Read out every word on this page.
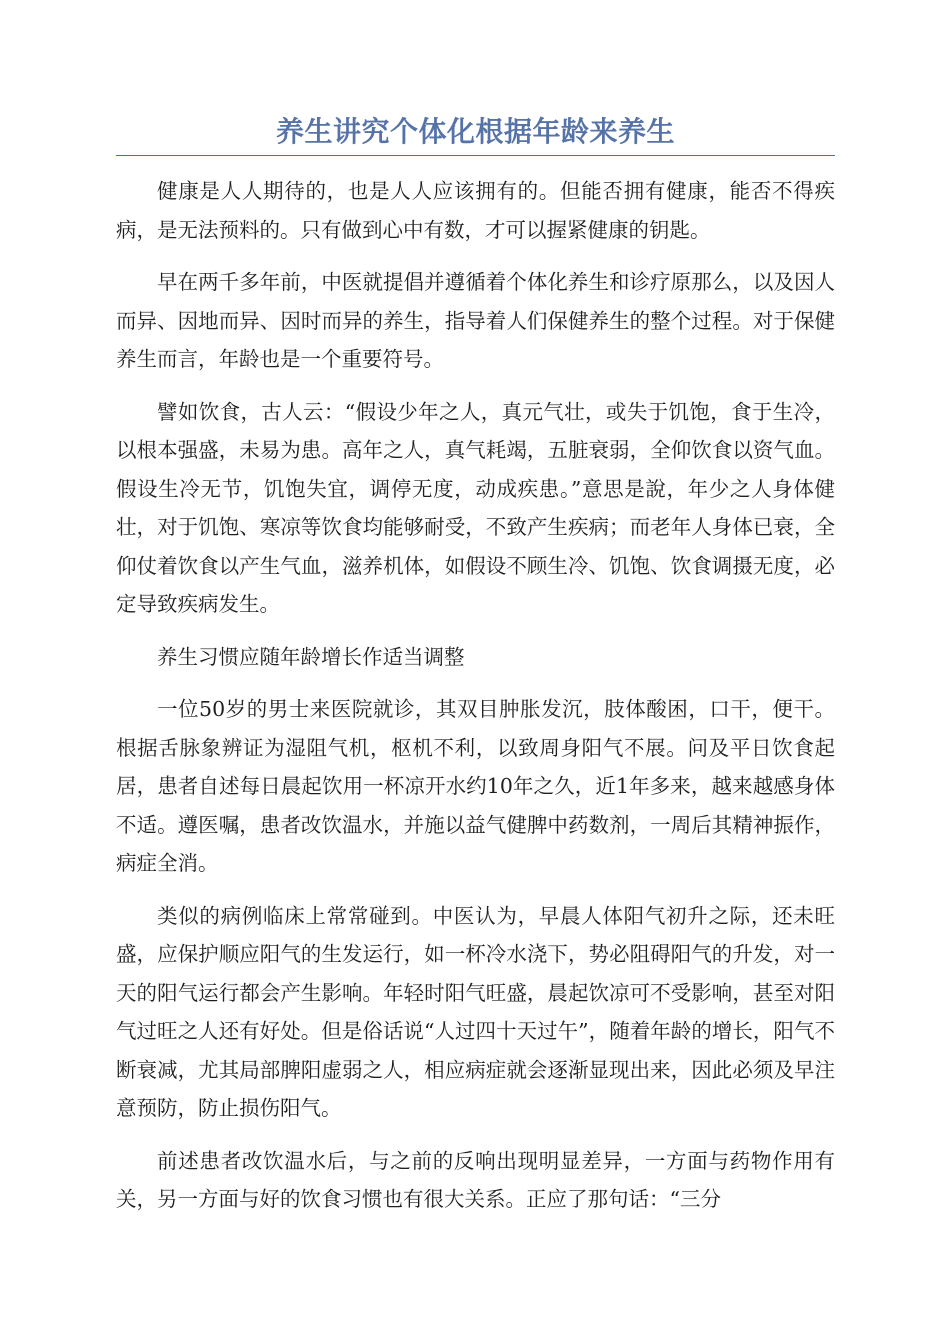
养生讲究个体化根据年龄来养生

健康是人人期待的，也是人人应该拥有的。但能否拥有健康，能否不得疾病，是无法预料的。只有做到心中有数，才可以握紧健康的钥匙。

早在两千多年前，中医就提倡并遵循着个体化养生和诊疗原那么，以及因人而异、因地而异、因时而异的养生，指导着人们保健养生的整个过程。对于保健养生而言，年龄也是一个重要符号。

譬如饮食，古人云：“假设少年之人，真元气壮，或失于饥饱，食于生冷，以根本强盛，未易为患。高年之人，真气耗竭，五脏衰弱，全仰饮食以资气血。假设生冷无节，饥饱失宜，调停无度，动成疾患。”意思是說，年少之人身体健壮，对于饥饱、寒凉等饮食均能够耐受，不致产生疾病；而老年人身体已衰，全仰仗着饮食以产生气血，滋养机体，如假设不顾生冷、饥饱、饮食调摄无度，必定导致疾病发生。

养生习惯应随年龄增长作适当调整

一位50岁的男士来医院就诊，其双目肿胀发沉，肢体酸困，口干，便干。根据舌脉象辨证为湿阻气机，枢机不利，以致周身阳气不展。问及平日饮食起居，患者自述每日晨起饮用一杯凉开水约10年之久，近1年多来，越来越感身体不适。遵医嘱，患者改饮温水，并施以益气健脾中药数剂，一周后其精神振作，病症全消。

类似的病例临床上常常碰到。中医认为，早晨人体阳气初升之际，还未旺盛，应保护顺应阳气的生发运行，如一杯冷水浇下，势必阻碍阳气的升发，对一天的阳气运行都会产生影响。年轻时阳气旺盛，晨起饮凉可不受影响，甚至对阳气过旺之人还有好处。但是俗话说“人过四十天过午”，随着年龄的增长，阳气不断衰减，尤其局部脾阳虚弱之人，相应病症就会逐渐显现出来，因此必须及早注意预防，防止损伤阳气。

前述患者改饮温水后，与之前的反响出现明显差异，一方面与药物作用有关，另一方面与好的饮食习惯也有很大关系。正应了那句话：“三分
